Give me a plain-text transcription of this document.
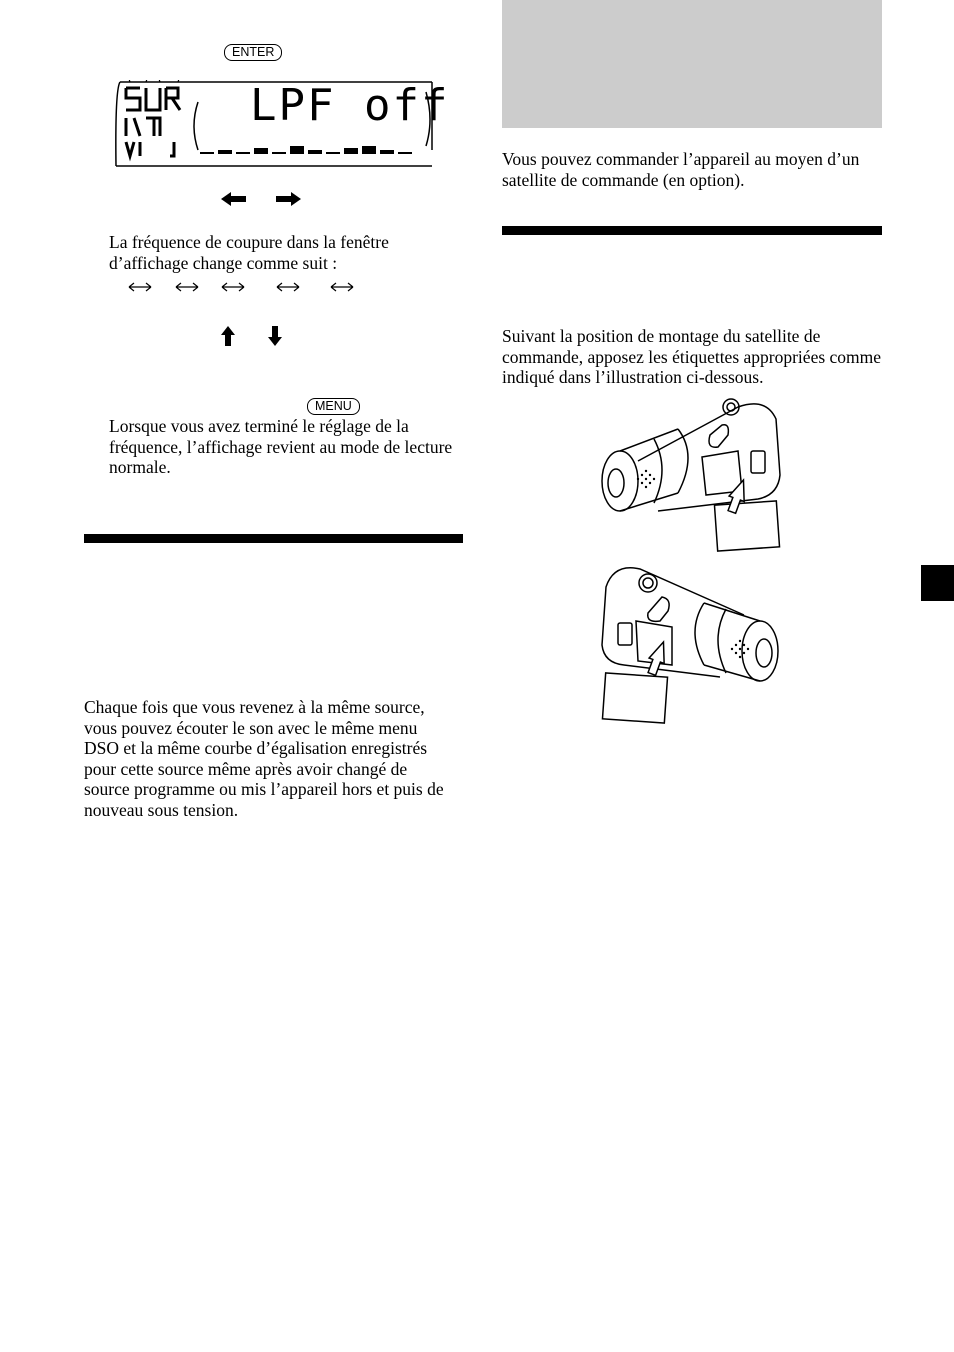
ENTER
LPF off
La fréquence de coupure dans la fenêtre d’affichage change comme suit :
MENU
Lorsque vous avez terminé le réglage de la fréquence, l’affichage revient au mode de lecture normale.
Chaque fois que vous revenez à la même source, vous pouvez écouter le son avec le même menu DSO et la même courbe d’égalisation enregistrés pour cette source même après avoir changé de source programme ou mis l’appareil hors et puis de nouveau sous tension.
Vous pouvez commander l’appareil au moyen d’un satellite de commande (en option).
Suivant la position de montage du satellite de commande, apposez les étiquettes appropriées comme indiqué dans l’illustration ci-dessous.
